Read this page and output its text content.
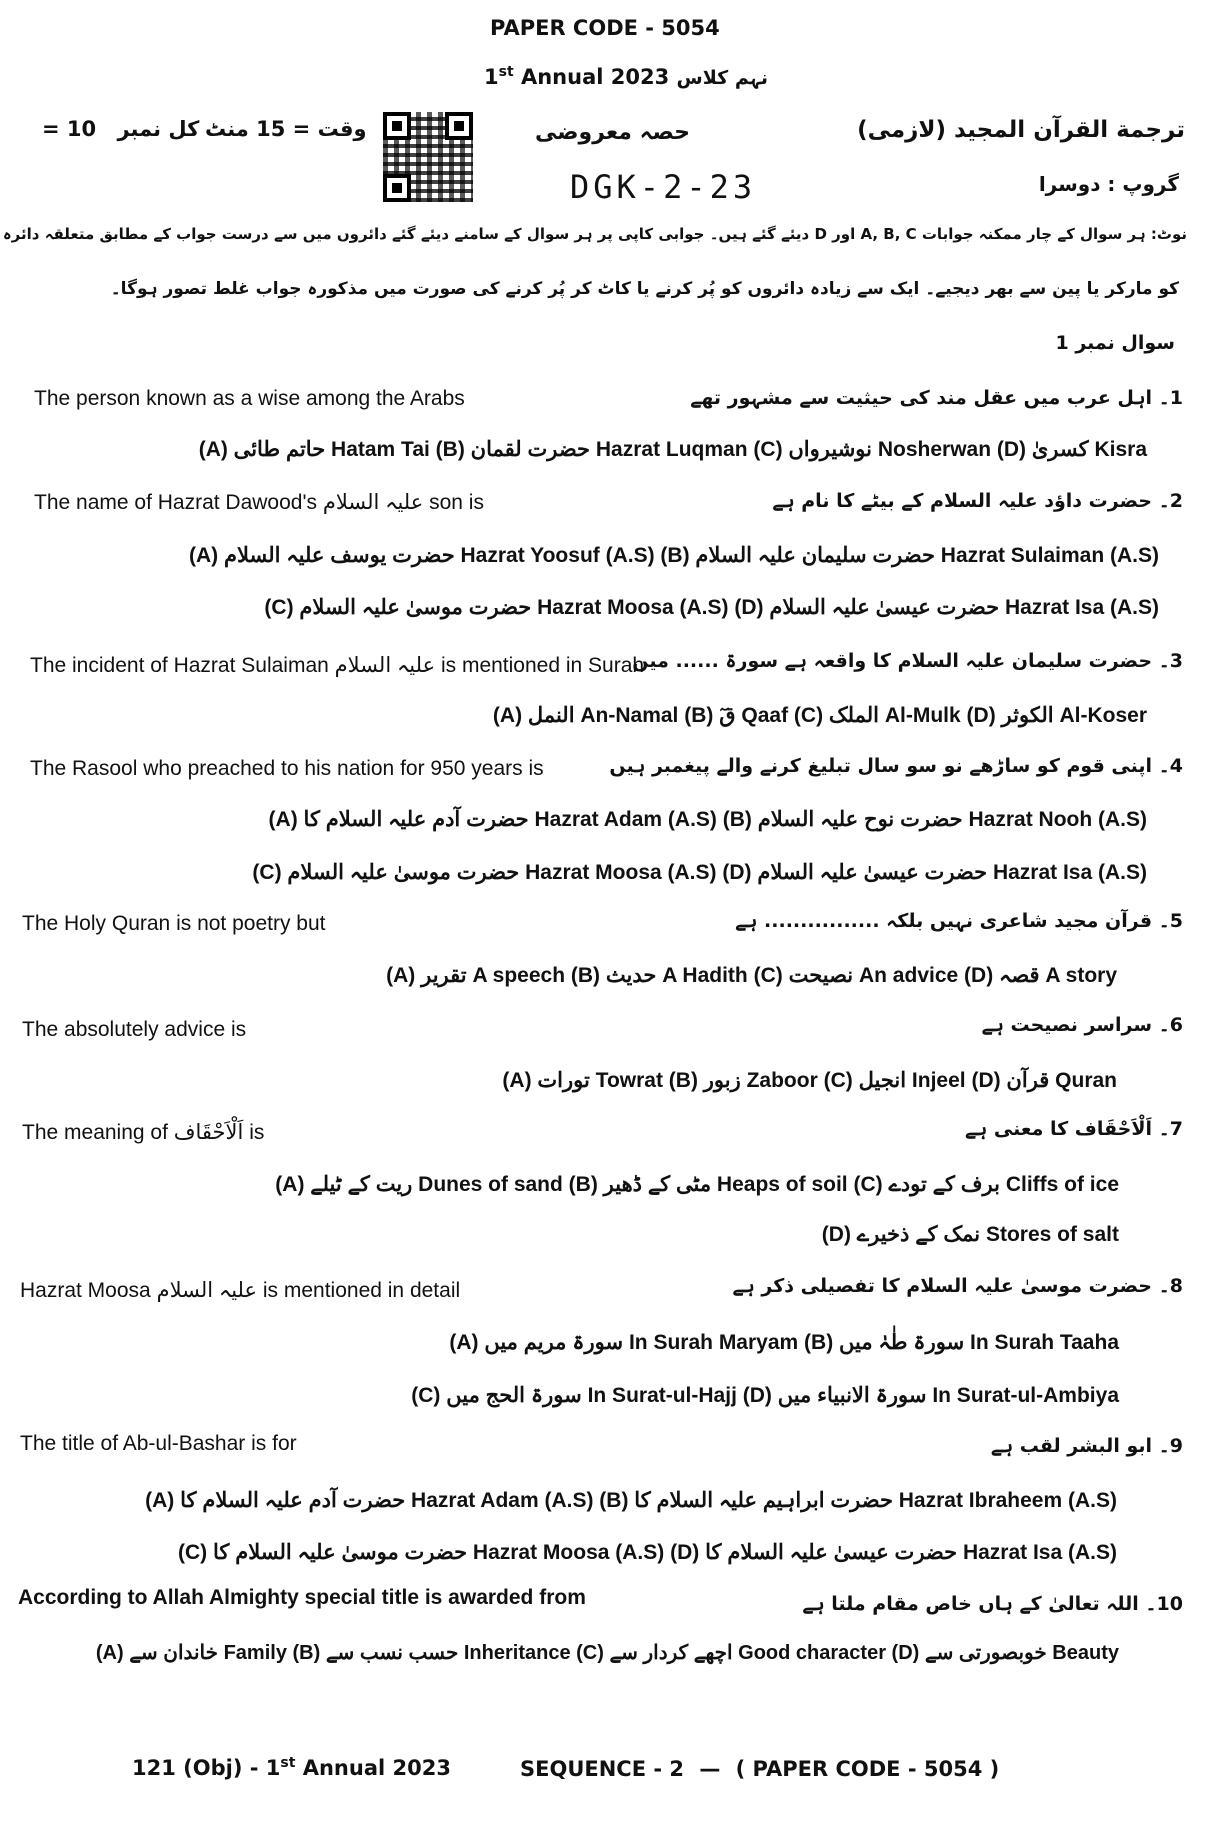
PAPER CODE - 5054
1st Annual 2023 نہم کلاس
ترجمة القرآن المجید (لازمی)
حصہ معروضی
وقت = 15 منٹ
= 10 کل نمبر
DGK-2-23	گروپ : دوسرا
نوٹ: ہر سوال کے چار ممکنہ جوابات A, B, C اور D دیئے گئے ہیں۔ جوابی کاپی پر ہر سوال کے سامنے دیئے گئے دائروں میں سے درست جواب کے مطابق متعلقہ دائرہ
کو مارکر یا پین سے بھر دیجیے۔ ایک سے زیادہ دائروں کو پُر کرنے یا کاٹ کر پُر کرنے کی صورت میں مذکورہ جواب غلط تصور ہوگا۔
سوال نمبر 1
1۔ اہل عرب میں عقل مند کی حیثیت سے مشہور تھے
The person known as a wise among the Arabs
Kisra کسریٰ (D) Nosherwan نوشیرواں (C) Hazrat Luqman حضرت لقمان (B) Hatam Tai حاتم طائی (A)
2۔ حضرت داؤد علیہ السلام کے بیٹے کا نام ہے
The name of Hazrat Dawood's علیہ السلام son is
Hazrat Sulaiman (A.S) حضرت سلیمان علیہ السلام (B) Hazrat Yoosuf (A.S) حضرت یوسف علیہ السلام (A)
Hazrat Isa (A.S) حضرت عیسیٰ علیہ السلام (D) Hazrat Moosa (A.S) حضرت موسیٰ علیہ السلام (C)
3۔ حضرت سلیمان علیہ السلام کا واقعہ ہے سورۃ ...... میں
The incident of Hazrat Sulaiman علیہ السلام is mentioned in Surah
Al-Koser الکوثر (D) Al-Mulk الملک (C) Qaaf قٓ (B) An-Namal النمل (A)
4۔ اپنی قوم کو ساڑھے نو سو سال تبلیغ کرنے والے پیغمبر ہیں
The Rasool who preached to his nation for 950 years is
Hazrat Nooh (A.S) حضرت نوح علیہ السلام (B) Hazrat Adam (A.S) حضرت آدم علیہ السلام کا (A)
Hazrat Isa (A.S) حضرت عیسیٰ علیہ السلام (D) Hazrat Moosa (A.S) حضرت موسیٰ علیہ السلام (C)
5۔ قرآن مجید شاعری نہیں بلکہ ................ ہے
The Holy Quran is not poetry but
A story قصہ (D) An advice نصیحت (C) A Hadith حدیث (B) A speech تقریر (A)
6۔ سراسر نصیحت ہے
The absolutely advice is
Quran قرآن (D) Injeel انجیل (C) Zaboor زبور (B) Towrat تورات (A)
7۔ اَلْاَحْقَاف کا معنی ہے
The meaning of اَلْاَحْقَاف is
Cliffs of ice برف کے تودے (C) Heaps of soil مٹی کے ڈھیر (B) Dunes of sand ریت کے ٹیلے (A)
Stores of salt نمک کے ذخیرے (D)
8۔ حضرت موسیٰ علیہ السلام کا تفصیلی ذکر ہے
Hazrat Moosa علیہ السلام is mentioned in detail
In Surah Taaha سورۃ طٰہٰ میں (B) In Surah Maryam سورۃ مریم میں (A)
In Surat-ul-Ambiya سورۃ الانبیاء میں (D) In Surat-ul-Hajj سورۃ الحج میں (C)
9۔ ابو البشر لقب ہے
The title of Ab-ul-Bashar is for
Hazrat Ibraheem (A.S) حضرت ابراہیم علیہ السلام کا (B) Hazrat Adam (A.S) حضرت آدم علیہ السلام کا (A)
Hazrat Isa (A.S) حضرت عیسیٰ علیہ السلام کا (D) Hazrat Moosa (A.S) حضرت موسیٰ علیہ السلام کا (C)
10۔ اللہ تعالیٰ کے ہاں خاص مقام ملتا ہے
According to Allah Almighty special title is awarded from
Beauty خوبصورتی سے (D) Good character اچھے کردار سے (C) Inheritance حسب نسب سے (B) Family خاندان سے (A)
121 (Obj) - 1st Annual 2023	SEQUENCE - 2 — ( PAPER CODE - 5054 )
